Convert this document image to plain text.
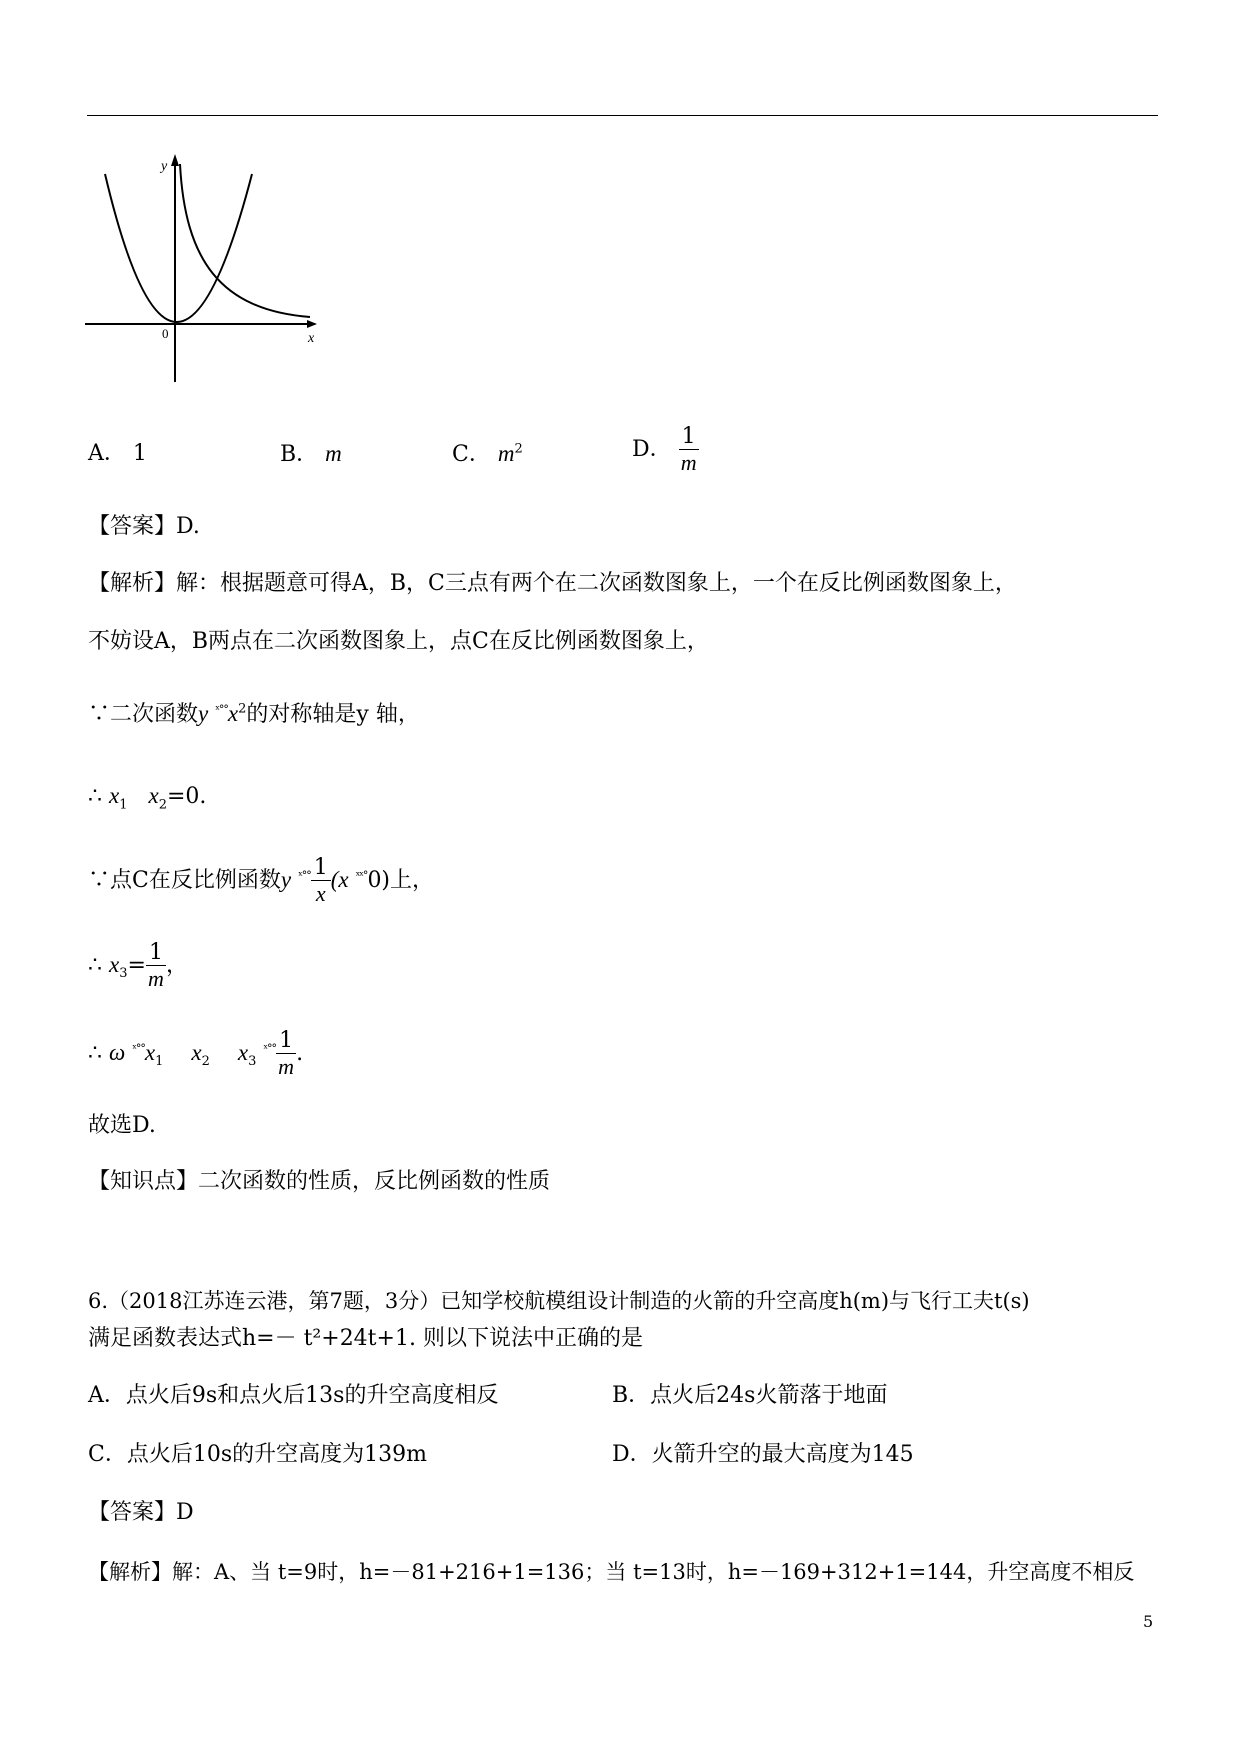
y
x
0
A． 1	B． m	C． $m^2$	D． $\frac{1}{m}$
【答案】D.
【解析】解：根据题意可得A，B，C三点有两个在二次函数图象上，一个在反比例函数图象上，
不妨设A，B两点在二次函数图象上，点C在反比例函数图象上，
∵二次函数y $^{ˣ^\circ^\circ}x^2$的对称轴是y 轴，
∴ $x_1$ $x_2=0$.
∵点C在反比例函数y $^{ˣ^\circ^\circ} \frac{1}{x} (x$ $^{ˣˣ^\circ}$0)上，
∴ $x_3= \frac{1}{m}$ ，
∴ ω $^{ˣ^\circ^\circ}x_1$ $x_2$ $x_3$ $^{ˣ^\circ^\circ} \frac{1}{m}$ .
故选D.
【知识点】二次函数的性质，反比例函数的性质
6.（2018江苏连云港，第7题，3分）已知学校航模组设计制造的火箭的升空高度h(m)与飞行工夫t(s)
满足函数表达式h=－ t²+24t+1. 则以下说法中正确的是
A．点火后9s和点火后13s的升空高度相反	B．点火后24s火箭落于地面
C．点火后10s的升空高度为139m	D．火箭升空的最大高度为145
【答案】D
【解析】解：A、当 t=9时，h=－81+216+1=136；当 t=13时，h=－169+312+1=144，升空高度不相反
5
